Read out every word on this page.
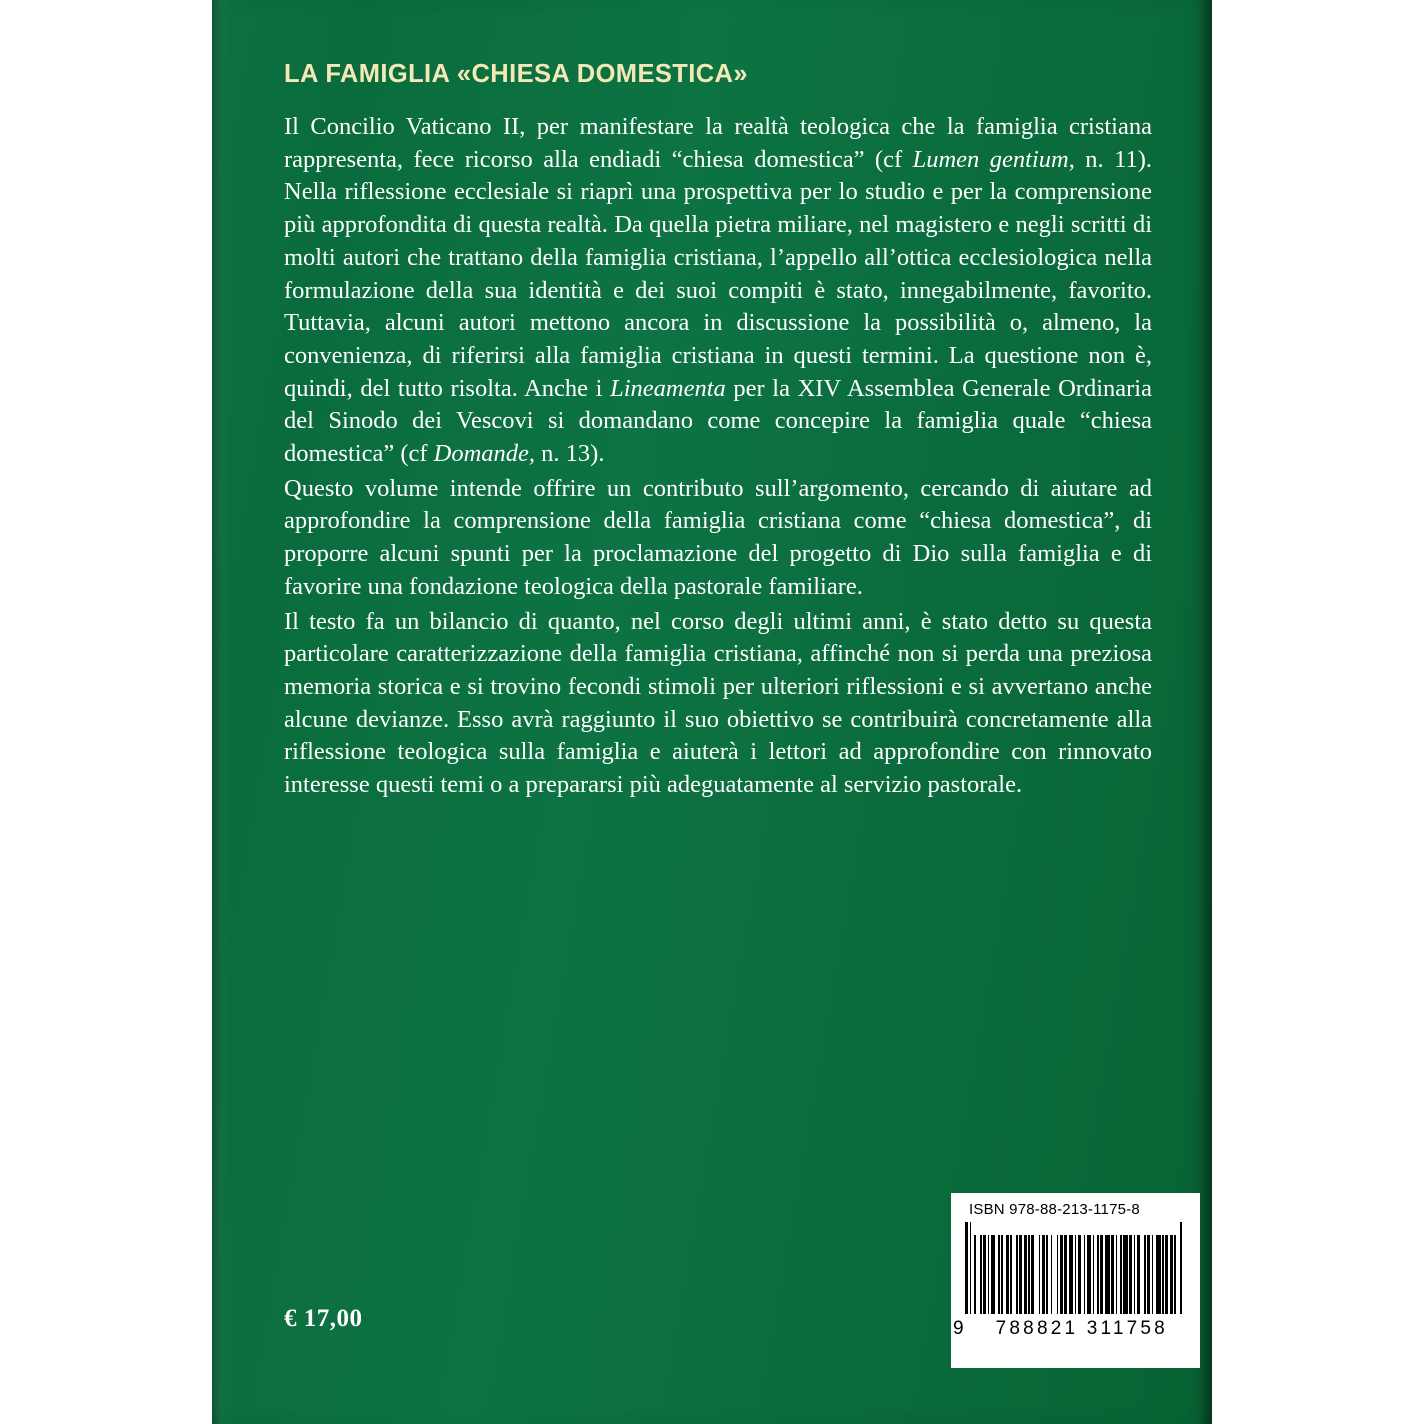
LA FAMIGLIA «CHIESA DOMESTICA»

Il Concilio Vaticano II, per manifestare la realtà teologica che la famiglia cristiana rappresenta, fece ricorso alla endiadi “chiesa domestica” (cf Lumen gentium, n. 11). Nella riflessione ecclesiale si riaprì una prospettiva per lo studio e per la comprensione più approfondita di questa realtà. Da quella pietra miliare, nel magistero e negli scritti di molti autori che trattano della famiglia cristiana, l’appello all’ottica ecclesiologica nella formulazione della sua identità e dei suoi compiti è stato, innegabilmente, favorito. Tuttavia, alcuni autori mettono ancora in discussione la possibilità o, almeno, la convenienza, di riferirsi alla famiglia cristiana in questi termini. La questione non è, quindi, del tutto risolta. Anche i Lineamenta per la XIV Assemblea Generale Ordinaria del Sinodo dei Vescovi si domandano come concepire la famiglia quale “chiesa domestica” (cf Domande, n. 13).

Questo volume intende offrire un contributo sull’argomento, cercando di aiutare ad approfondire la comprensione della famiglia cristiana come “chiesa domestica”, di proporre alcuni spunti per la proclamazione del progetto di Dio sulla famiglia e di favorire una fondazione teologica della pastorale familiare.

Il testo fa un bilancio di quanto, nel corso degli ultimi anni, è stato detto su questa particolare caratterizzazione della famiglia cristiana, affinché non si perda una preziosa memoria storica e si trovino fecondi stimoli per ulteriori riflessioni e si avvertano anche alcune devianze. Esso avrà raggiunto il suo obiettivo se contribuirà concretamente alla riflessione teologica sulla famiglia e aiuterà i lettori ad approfondire con rinnovato interesse questi temi o a prepararsi più adeguatamente al servizio pastorale.

€ 17,00
ISBN 978-88-213-1175-8
9 788821 311758
